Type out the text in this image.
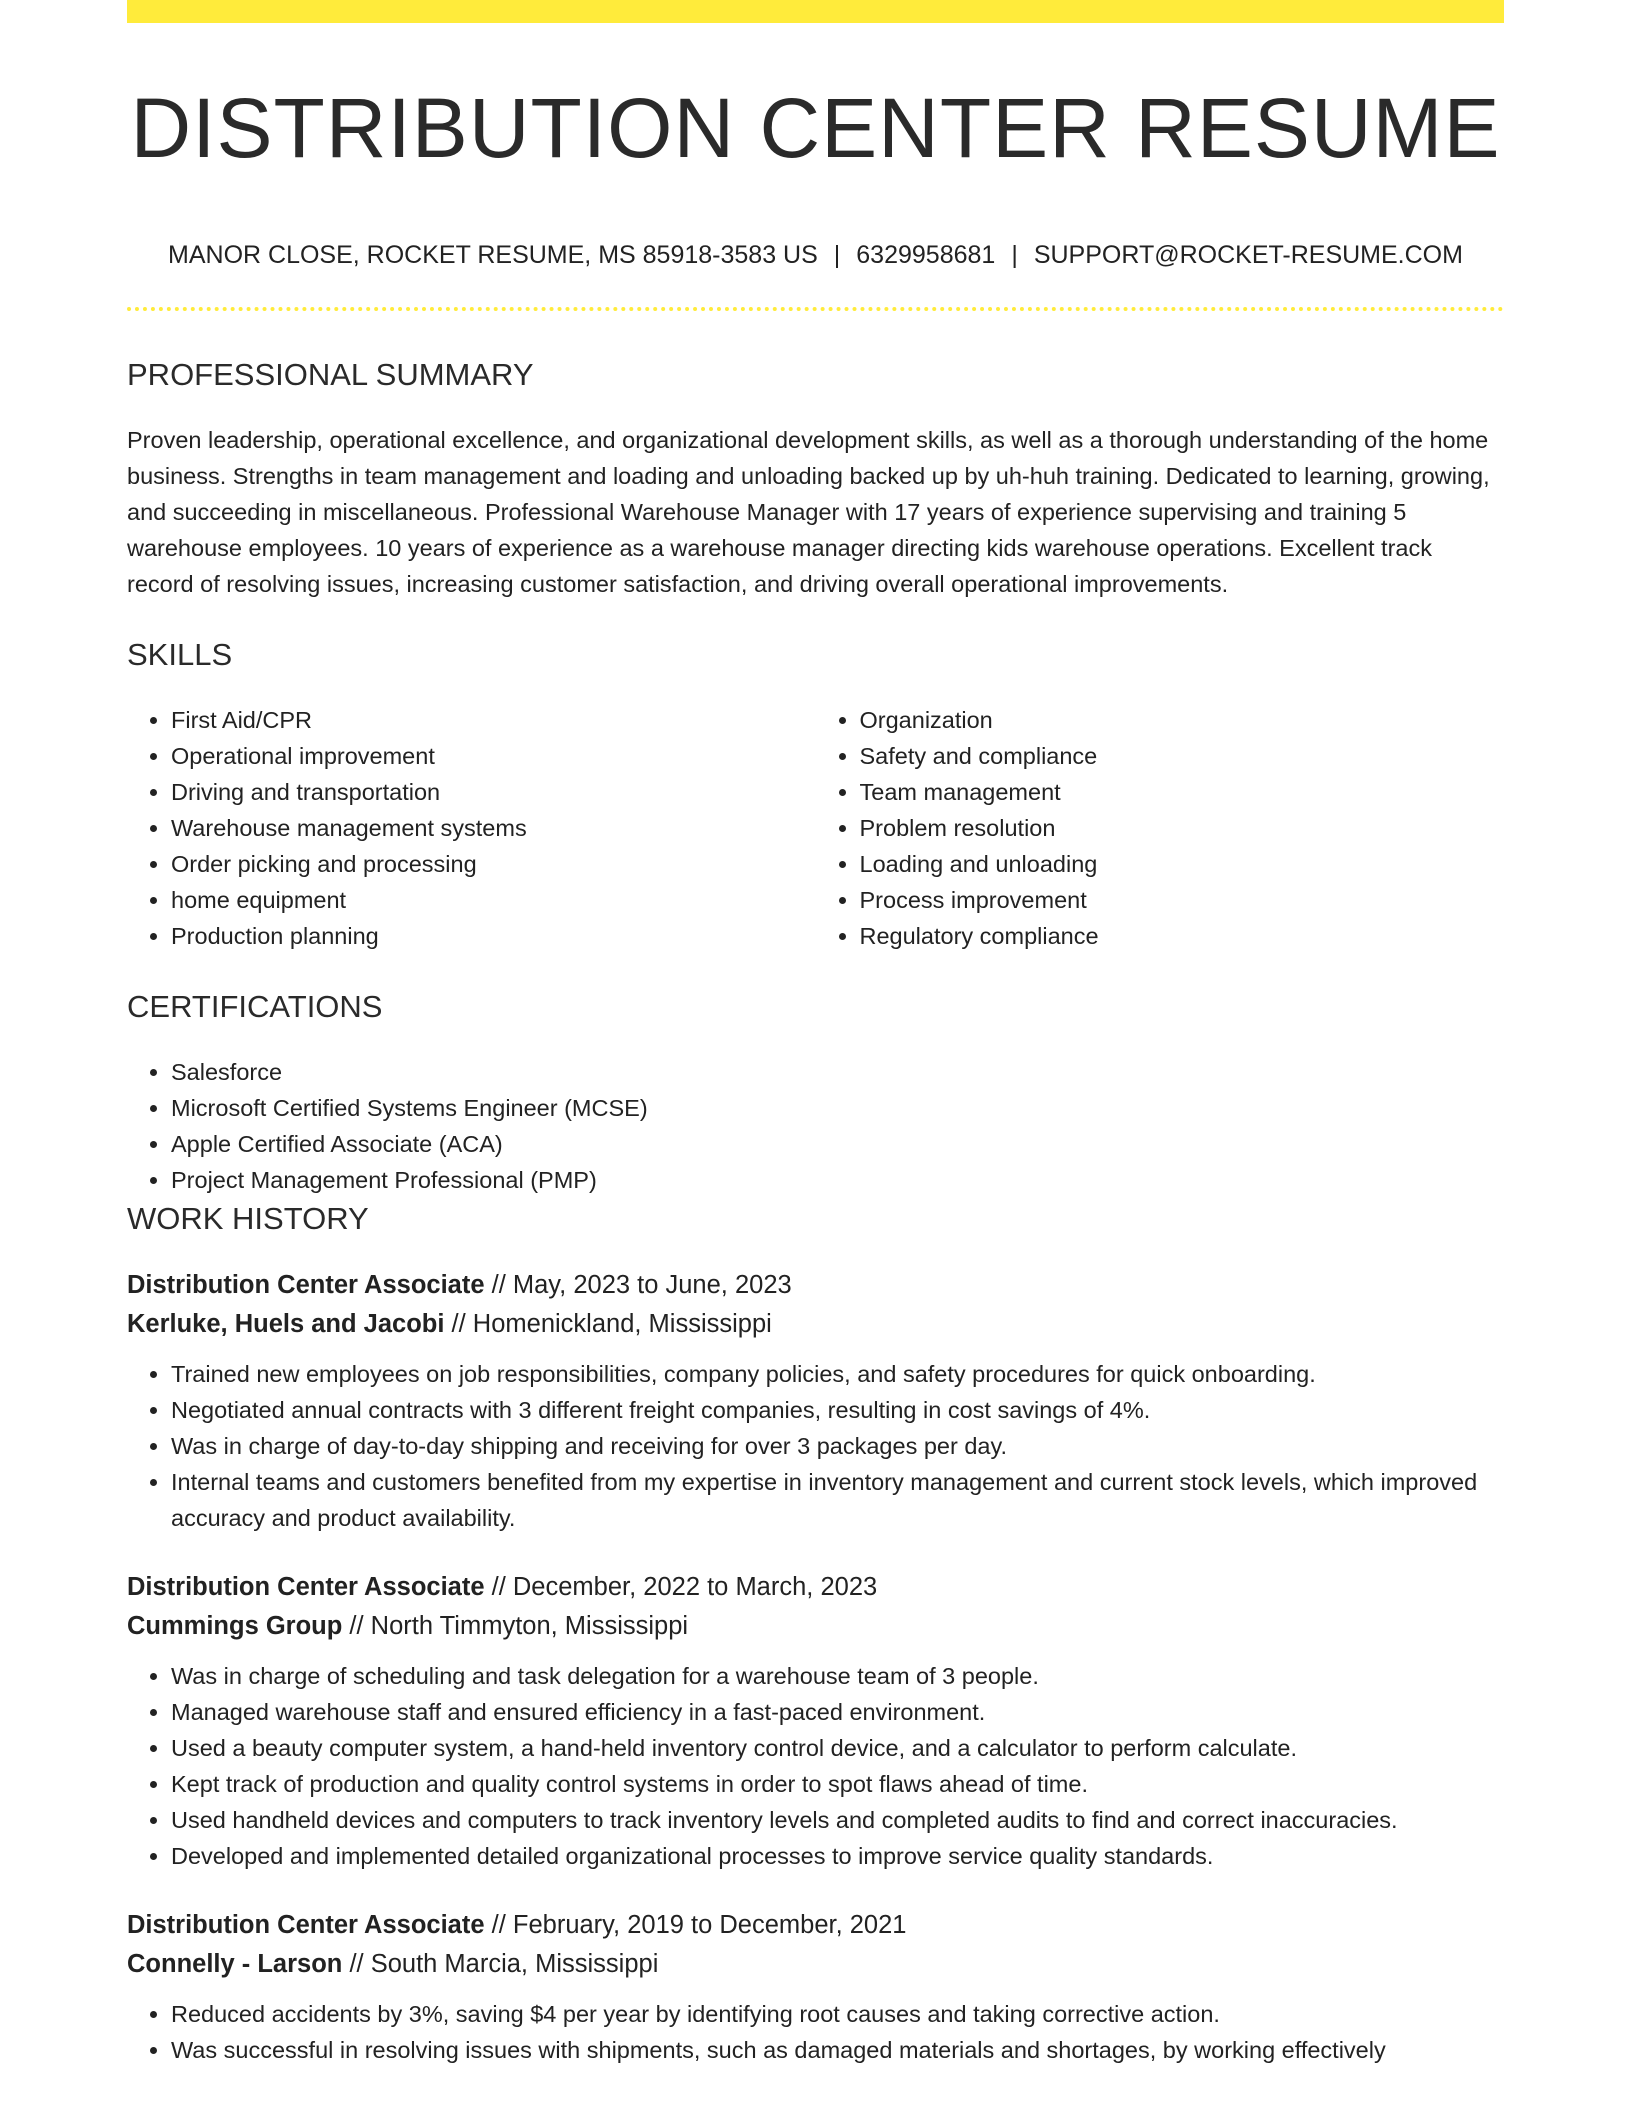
DISTRIBUTION CENTER RESUME
MANOR CLOSE, ROCKET RESUME, MS 85918-3583 US | 6329958681 | SUPPORT@ROCKET-RESUME.COM
PROFESSIONAL SUMMARY

Proven leadership, operational excellence, and organizational development skills, as well as a thorough understanding of the home business. Strengths in team management and loading and unloading backed up by uh-huh training. Dedicated to learning, growing, and succeeding in miscellaneous. Professional Warehouse Manager with 17 years of experience supervising and training 5 warehouse employees. 10 years of experience as a warehouse manager directing kids warehouse operations. Excellent track record of resolving issues, increasing customer satisfaction, and driving overall operational improvements.

SKILLS
• First Aid/CPR
• Operational improvement
• Driving and transportation
• Warehouse management systems
• Order picking and processing
• home equipment
• Production planning
• Organization
• Safety and compliance
• Team management
• Problem resolution
• Loading and unloading
• Process improvement
• Regulatory compliance
CERTIFICATIONS
• Salesforce
• Microsoft Certified Systems Engineer (MCSE)
• Apple Certified Associate (ACA)
• Project Management Professional (PMP)
WORK HISTORY
Distribution Center Associate // May, 2023 to June, 2023
Kerluke, Huels and Jacobi // Homenickland, Mississippi
• Trained new employees on job responsibilities, company policies, and safety procedures for quick onboarding.
• Negotiated annual contracts with 3 different freight companies, resulting in cost savings of 4%.
• Was in charge of day-to-day shipping and receiving for over 3 packages per day.
• Internal teams and customers benefited from my expertise in inventory management and current stock levels, which improved accuracy and product availability.
Distribution Center Associate // December, 2022 to March, 2023
Cummings Group // North Timmyton, Mississippi
• Was in charge of scheduling and task delegation for a warehouse team of 3 people.
• Managed warehouse staff and ensured efficiency in a fast-paced environment.
• Used a beauty computer system, a hand-held inventory control device, and a calculator to perform calculate.
• Kept track of production and quality control systems in order to spot flaws ahead of time.
• Used handheld devices and computers to track inventory levels and completed audits to find and correct inaccuracies.
• Developed and implemented detailed organizational processes to improve service quality standards.
Distribution Center Associate // February, 2019 to December, 2021
Connelly - Larson // South Marcia, Mississippi
• Reduced accidents by 3%, saving $4 per year by identifying root causes and taking corrective action.
• Was successful in resolving issues with shipments, such as damaged materials and shortages, by working effectively
